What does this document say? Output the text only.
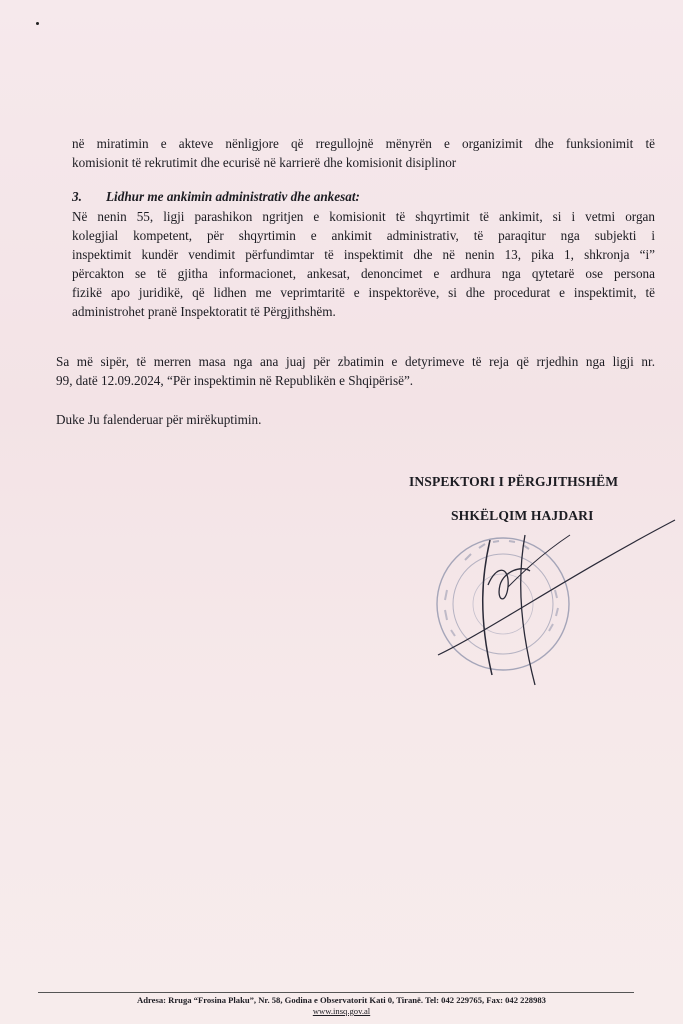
në miratimin e akteve nënligjore që rregullojnë mënyrën e organizimit dhe funksionimit të

komisionit të rekrutimit dhe ecurisë në karrierë dhe komisionit disiplinor

3. Lidhur me ankimin administrativ dhe ankesat:

Në nenin 55, ligji parashikon ngritjen e komisionit të shqyrtimit të ankimit, si i vetmi organ

kolegjial kompetent, për shqyrtimin e ankimit administrativ, të paraqitur nga subjekti i

inspektimit kundër vendimit përfundimtar të inspektimit dhe në nenin 13, pika 1, shkronja “i”

përcakton se të gjitha informacionet, ankesat, denoncimet e ardhura nga qytetarë ose persona

fizikë apo juridikë, që lidhen me veprimtaritë e inspektorëve, si dhe procedurat e inspektimit, të

administrohet pranë Inspektoratit të Përgjithshëm.

Sa më sipër, të merren masa nga ana juaj për zbatimin e detyrimeve të reja që rrjedhin nga ligji nr.

99, datë 12.09.2024, “Për inspektimin në Republikën e Shqipërisë”.

Duke Ju falenderuar për mirëkuptimin.

INSPEKTORI I PËRGJITHSHËM
SHKËLQIM HAJDARI
Adresa: Rruga “Frosina Plaku”, Nr. 58, Godina e Observatorit Kati 0, Tiranë. Tel: 042 229765, Fax: 042 228983
www.insq.gov.al
